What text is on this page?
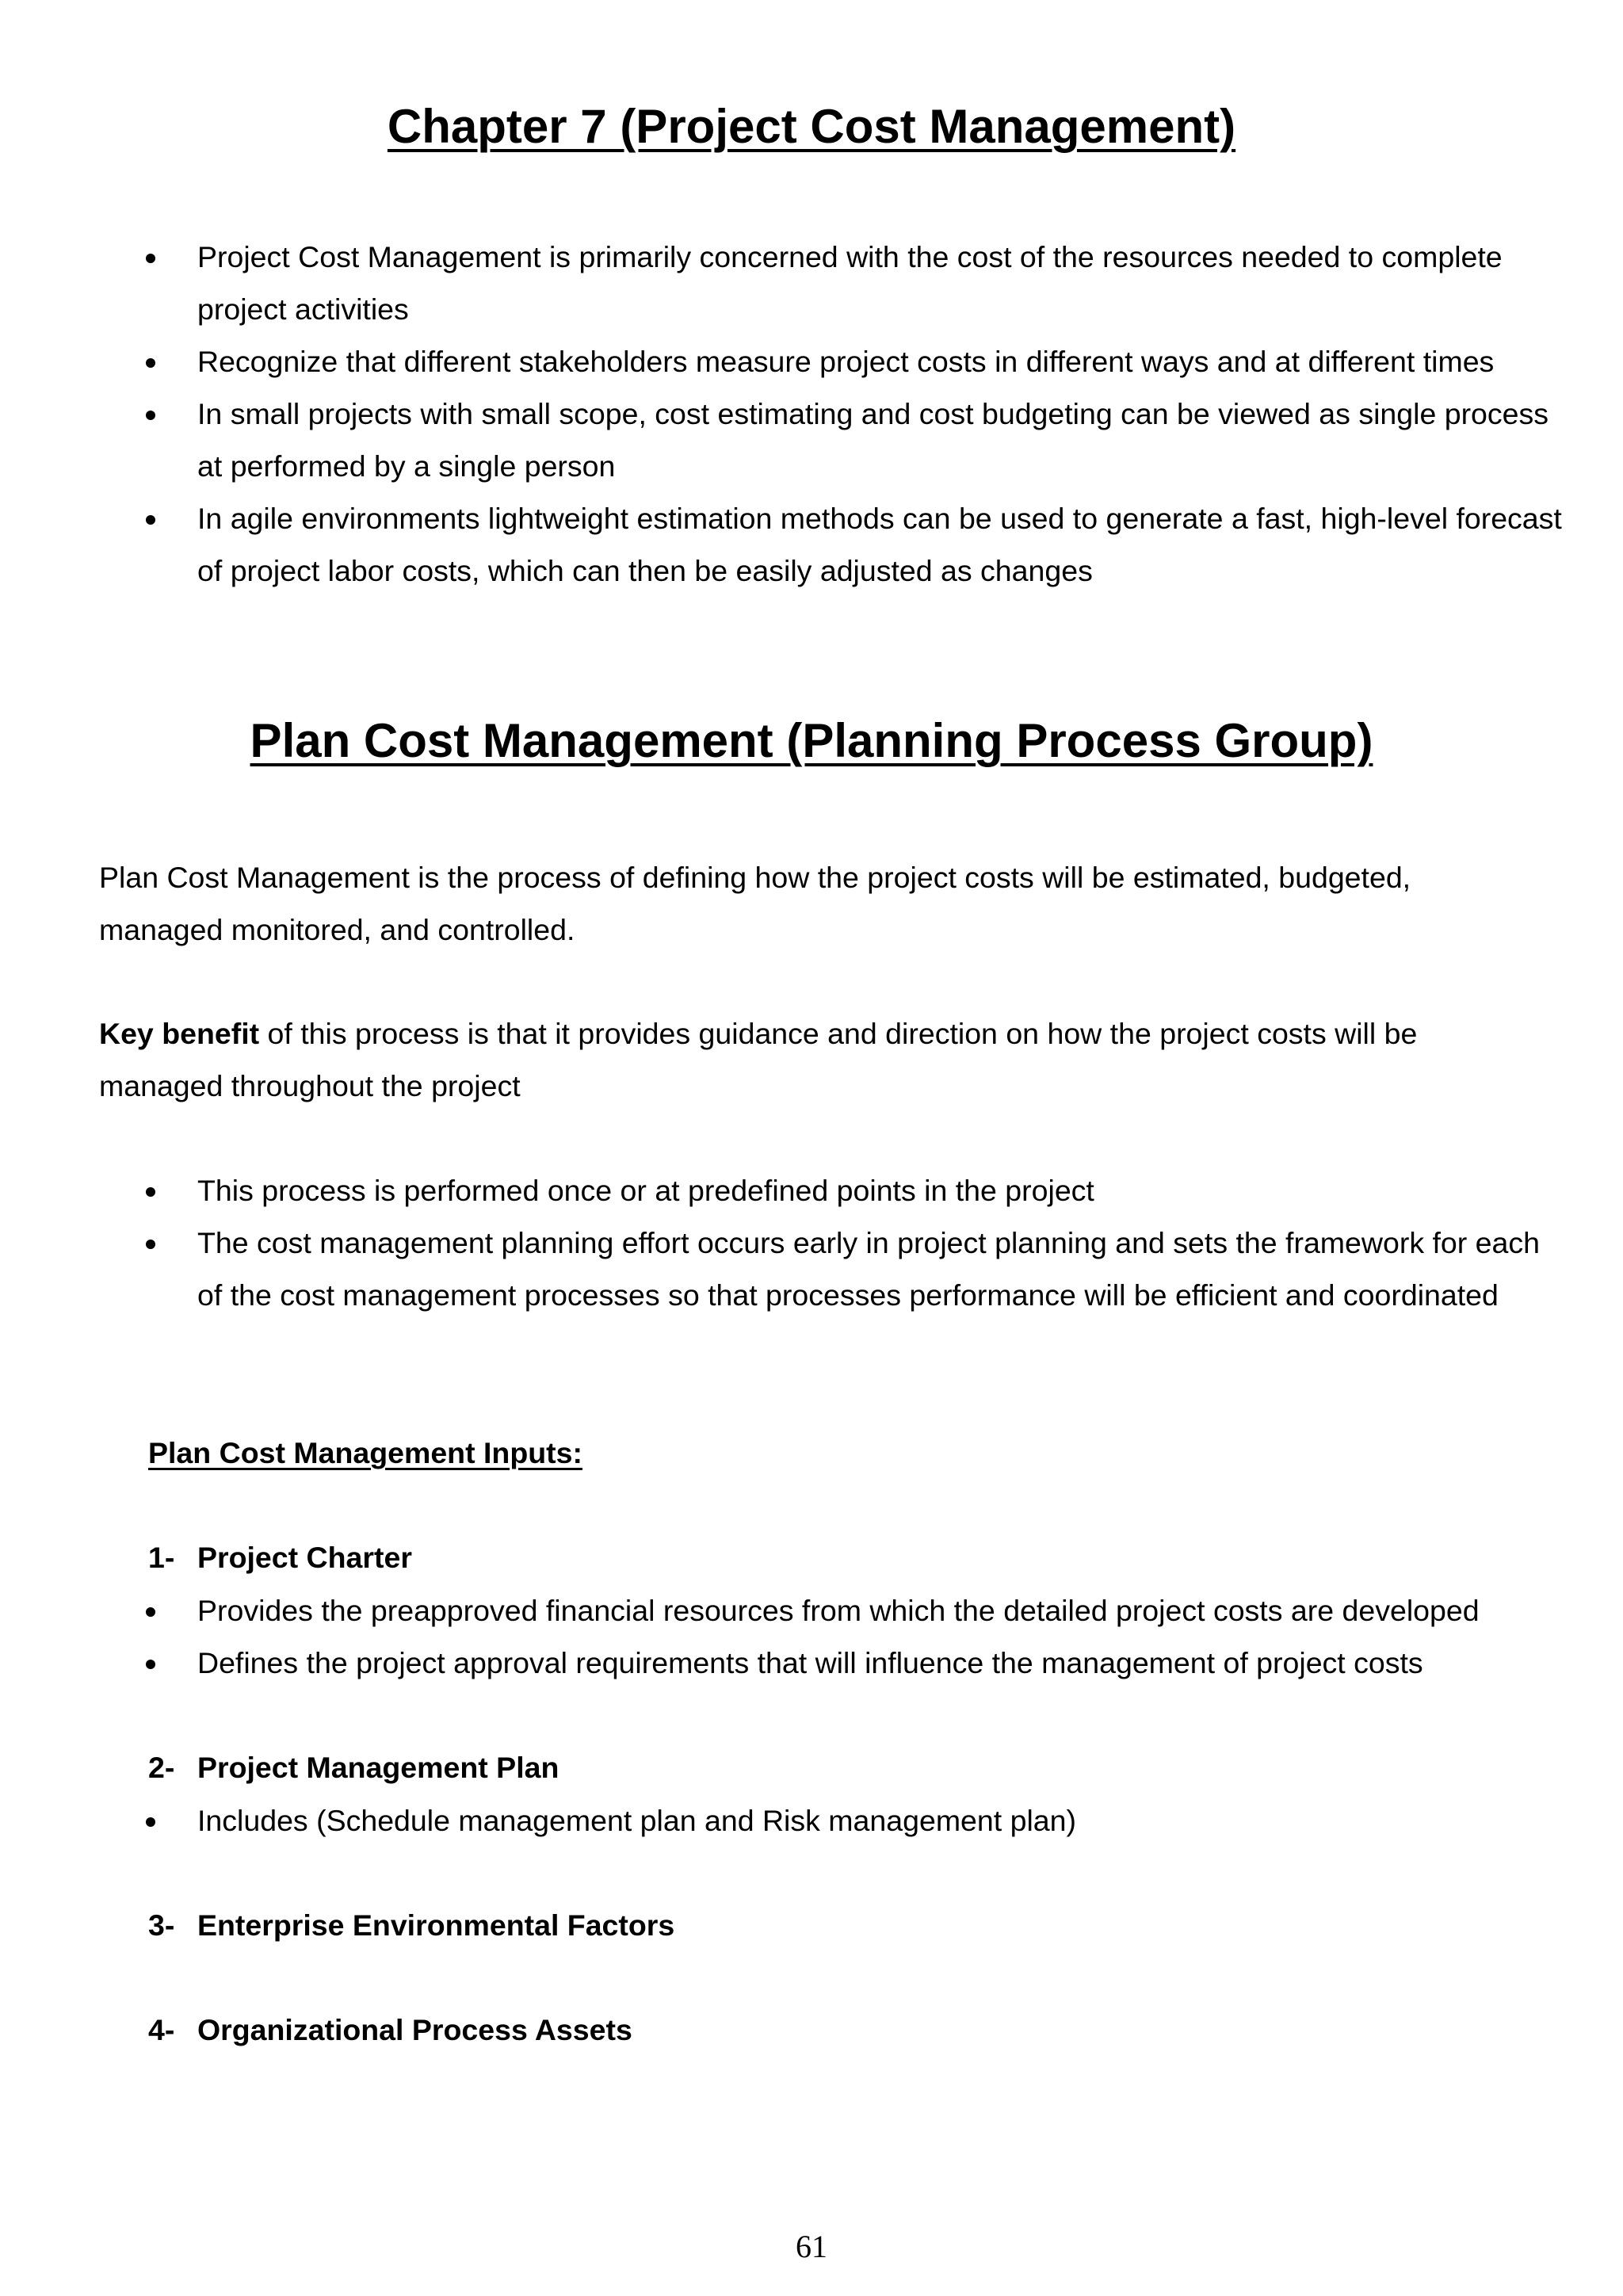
Chapter 7 (Project Cost Management)
Project Cost Management is primarily concerned with the cost of the resources needed to complete project activities
Recognize that different stakeholders measure project costs in different ways and at different times
In small projects with small scope, cost estimating and cost budgeting can be viewed as single process at performed by a single person
In agile environments lightweight estimation methods can be used to generate a fast, high-level forecast of project labor costs, which can then be easily adjusted as changes
Plan Cost Management (Planning Process Group)

Plan Cost Management is the process of defining how the project costs will be estimated, budgeted, managed monitored, and controlled.

Key benefit of this process is that it provides guidance and direction on how the project costs will be managed throughout the project

This process is performed once or at predefined points in the project
The cost management planning effort occurs early in project planning and sets the framework for each of the cost management processes so that processes performance will be efficient and coordinated
Plan Cost Management Inputs:
1- Project Charter
Provides the preapproved financial resources from which the detailed project costs are developed
Defines the project approval requirements that will influence the management of project costs
2- Project Management Plan
Includes (Schedule management plan and Risk management plan)
3- Enterprise Environmental Factors
4- Organizational Process Assets
61
